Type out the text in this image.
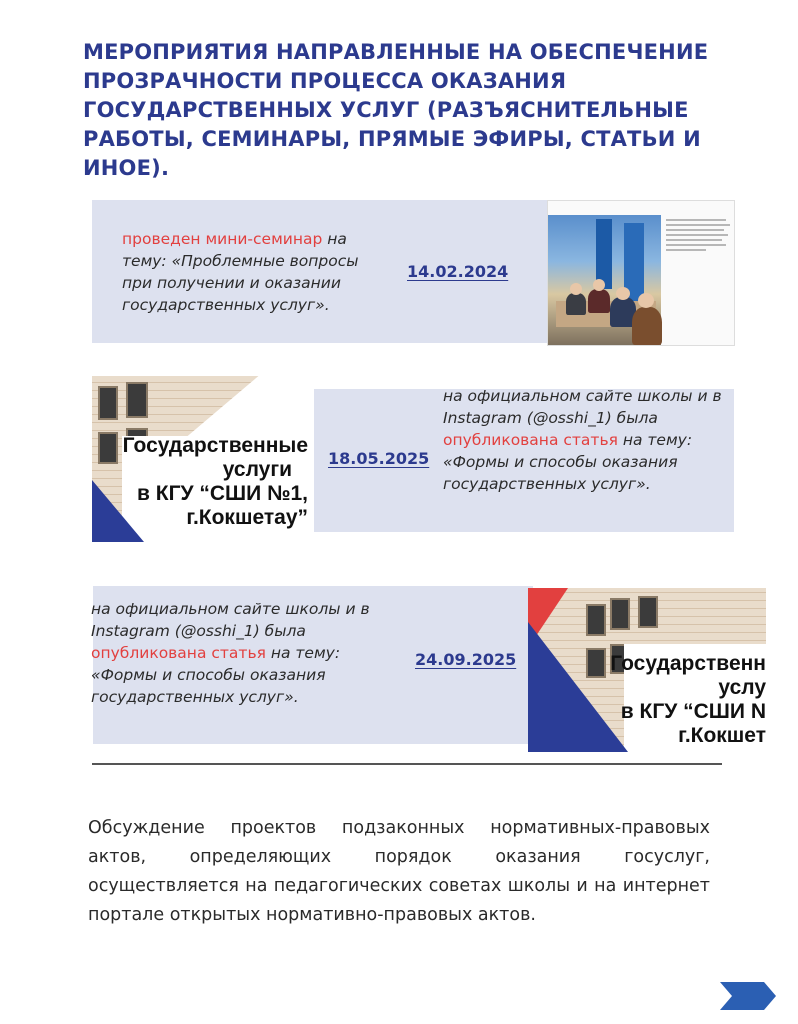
МЕРОПРИЯТИЯ НАПРАВЛЕННЫЕ НА ОБЕСПЕЧЕНИЕ ПРОЗРАЧНОСТИ ПРОЦЕССА ОКАЗАНИЯ ГОСУДАРСТВЕННЫХ УСЛУГ (РАЗЪЯСНИТЕЛЬНЫЕ РАБОТЫ, СЕМИНАРЫ, ПРЯМЫЕ ЭФИРЫ, СТАТЬИ И ИНОЕ).
проведен мини-семинар на тему: «Проблемные вопросы при получении и оказании государственных услуг».
14.02.2024
Государственные
услуги
в КГУ “СШИ №1,
г.Кокшетау”
18.05.2025
на официальном сайте школы и в Instagram (@osshi_1) была опубликована статья на тему: «Формы и способы оказания государственных услуг».
на официальном сайте школы и в Instagram (@osshi_1) была опубликована статья на тему: «Формы и способы оказания государственных услуг».
24.09.2025	Государственн
услу
в КГУ “СШИ N
г.Кокшет
Обсуждение проектов подзаконных нормативных-правовых актов, определяющих порядок оказания госуслуг, осуществляется на педагогических советах школы и на интернет портале открытых нормативно-правовых актов.
